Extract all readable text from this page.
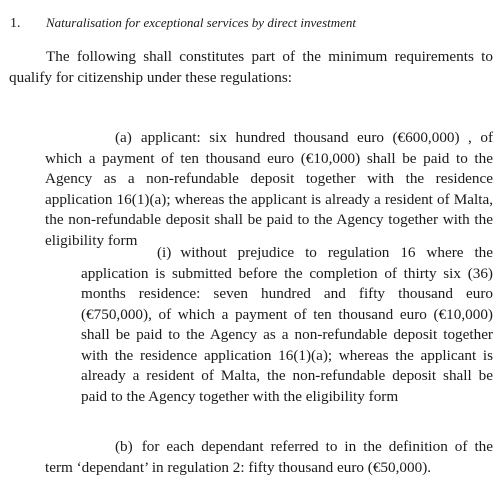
1. Naturalisation for exceptional services by direct investment

The following shall constitutes part of the minimum requirements to qualify for citizenship under these regulations:

(a) applicant: six hundred thousand euro (€600,000) , of which a payment of ten thousand euro (€10,000) shall be paid to the Agency as a non-refundable deposit together with the residence application 16(1)(a); whereas the applicant is already a resident of Malta, the non-refundable deposit shall be paid to the Agency together with the eligibility form

(i) without prejudice to regulation 16 where the application is submitted before the completion of thirty six (36) months residence: seven hundred and fifty thousand euro (€750,000), of which a payment of ten thousand euro (€10,000) shall be paid to the Agency as a non-refundable deposit together with the residence application 16(1)(a); whereas the applicant is already a resident of Malta, the non-refundable deposit shall be paid to the Agency together with the eligibility form

(b) for each dependant referred to in the definition of the term ‘dependant’ in regulation 2: fifty thousand euro (€50,000).
